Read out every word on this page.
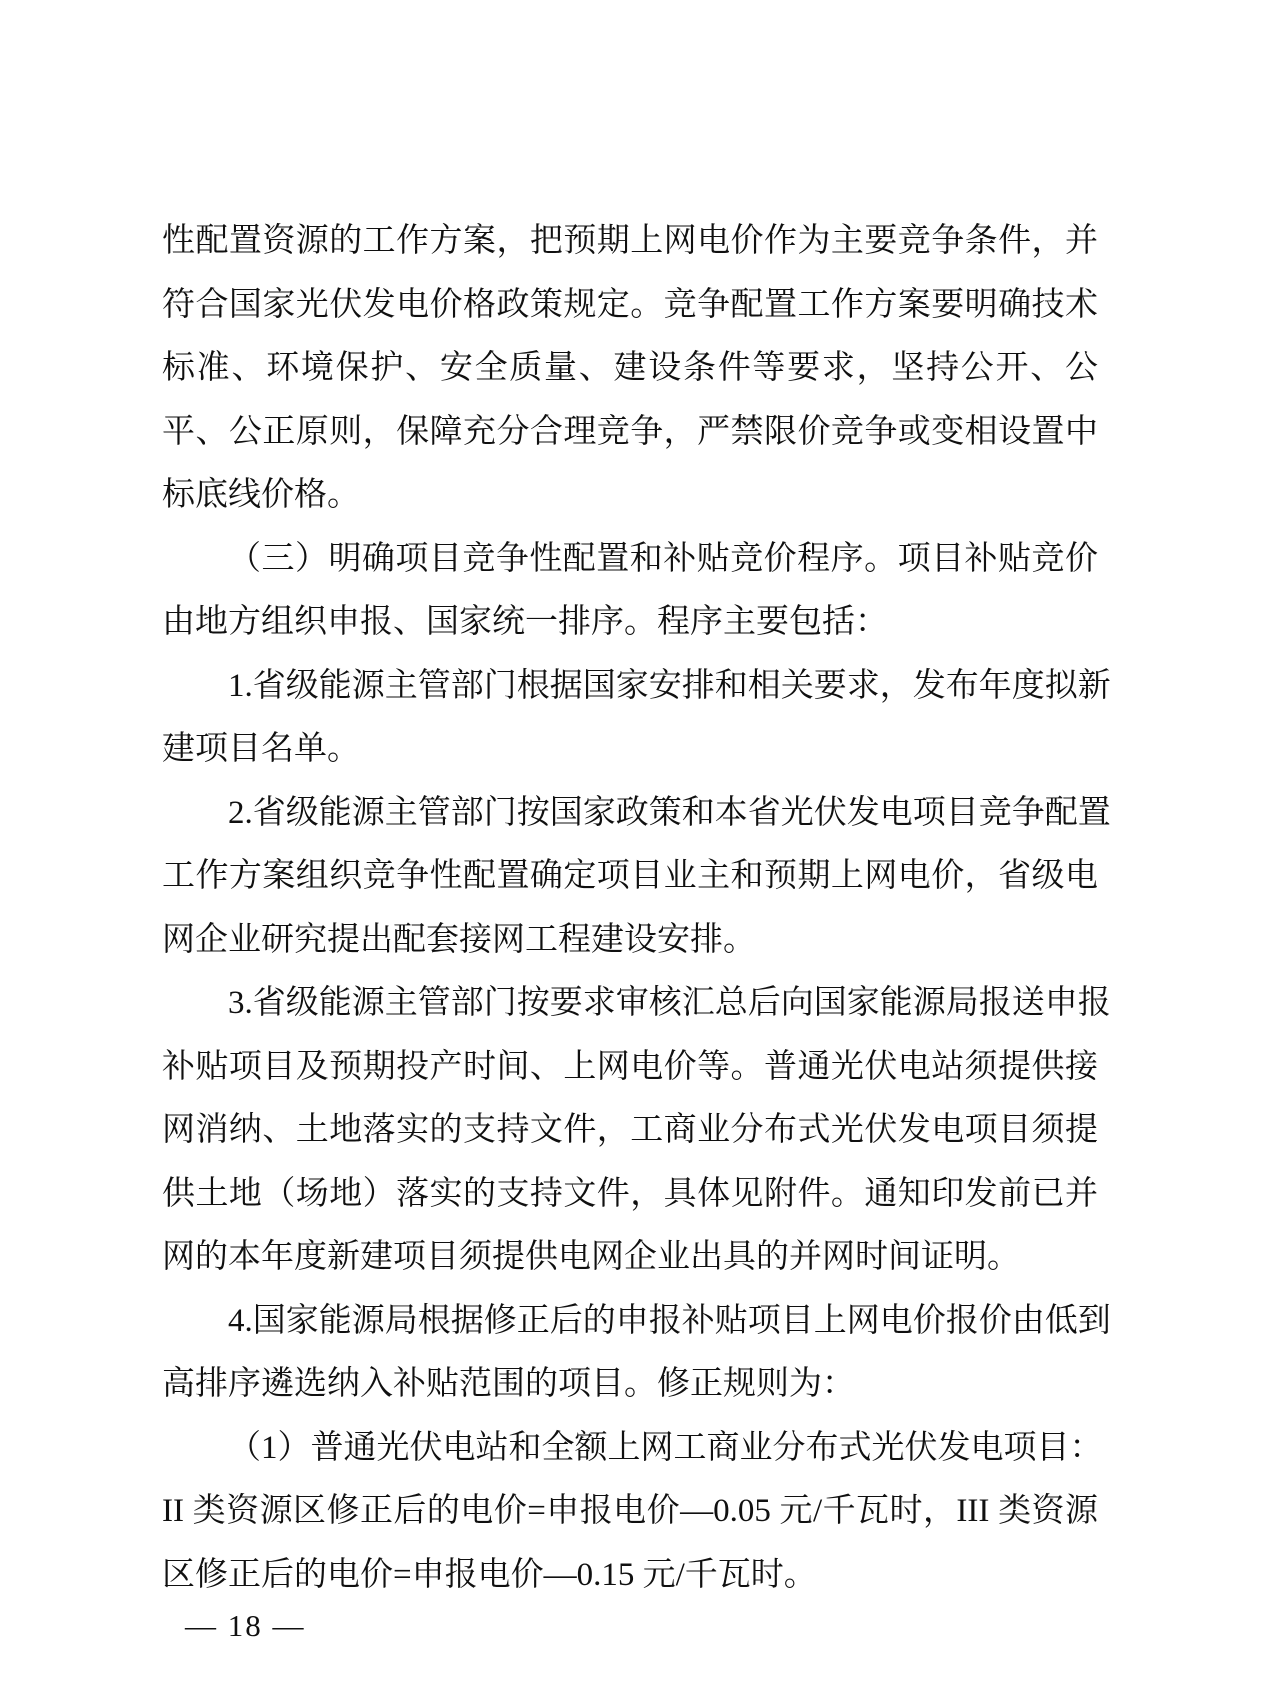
性配置资源的工作方案，把预期上网电价作为主要竞争条件，并
符合国家光伏发电价格政策规定。竞争配置工作方案要明确技术
标准、环境保护、安全质量、建设条件等要求，坚持公开、公
平、公正原则，保障充分合理竞争，严禁限价竞争或变相设置中
标底线价格。
（三）明确项目竞争性配置和补贴竞价程序。项目补贴竞价
由地方组织申报、国家统一排序。程序主要包括：
1.省级能源主管部门根据国家安排和相关要求，发布年度拟新
建项目名单。
2.省级能源主管部门按国家政策和本省光伏发电项目竞争配置
工作方案组织竞争性配置确定项目业主和预期上网电价，省级电
网企业研究提出配套接网工程建设安排。
3.省级能源主管部门按要求审核汇总后向国家能源局报送申报
补贴项目及预期投产时间、上网电价等。普通光伏电站须提供接
网消纳、土地落实的支持文件，工商业分布式光伏发电项目须提
供土地（场地）落实的支持文件，具体见附件。通知印发前已并
网的本年度新建项目须提供电网企业出具的并网时间证明。
4.国家能源局根据修正后的申报补贴项目上网电价报价由低到
高排序遴选纳入补贴范围的项目。修正规则为：
（1）普通光伏电站和全额上网工商业分布式光伏发电项目：
II 类资源区修正后的电价=申报电价—0.05 元/千瓦时，III 类资源
区修正后的电价=申报电价—0.15 元/千瓦时。
— 18 —
